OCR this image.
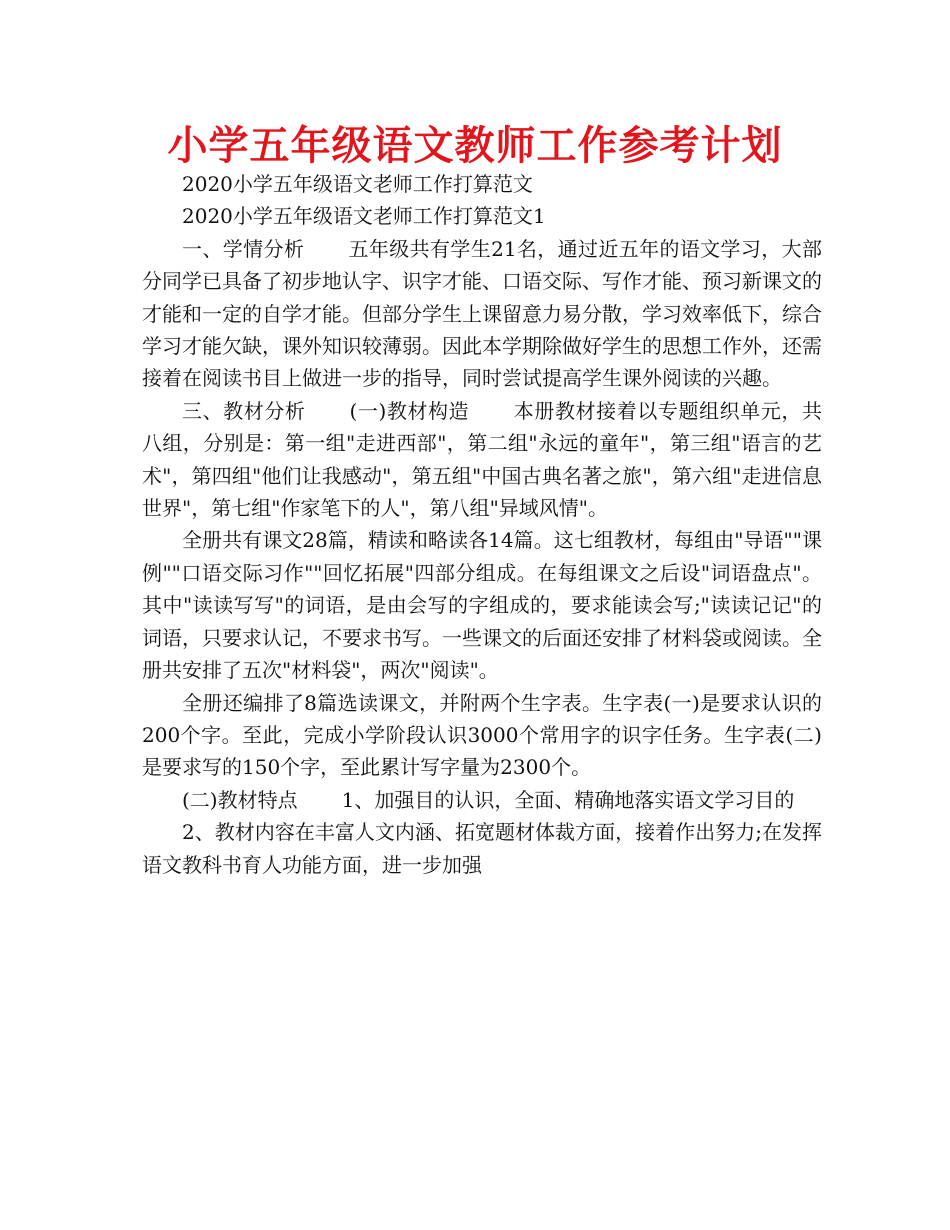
小学五年级语文教师工作参考计划

2020小学五年级语文老师工作打算范文

2020小学五年级语文老师工作打算范文1

一、学情分析 五年级共有学生21名，通过近五年的语文学习，大部分同学已具备了初步地认字、识字才能、口语交际、写作才能、预习新课文的才能和一定的自学才能。但部分学生上课留意力易分散，学习效率低下，综合学习才能欠缺，课外知识较薄弱。因此本学期除做好学生的思想工作外，还需接着在阅读书目上做进一步的指导，同时尝试提高学生课外阅读的兴趣。

三、教材分析 (一)教材构造 本册教材接着以专题组织单元，共八组，分别是：第一组"走进西部"，第二组"永远的童年"，第三组"语言的艺术"，第四组"他们让我感动"，第五组"中国古典名著之旅"，第六组"走进信息世界"，第七组"作家笔下的人"，第八组"异域风情"。

全册共有课文28篇，精读和略读各14篇。这七组教材，每组由"导语""课例""口语交际习作""回忆拓展"四部分组成。在每组课文之后设"词语盘点"。其中"读读写写"的词语，是由会写的字组成的，要求能读会写;"读读记记"的词语，只要求认记，不要求书写。一些课文的后面还安排了材料袋或阅读。全册共安排了五次"材料袋"，两次"阅读"。

全册还编排了8篇选读课文，并附两个生字表。生字表(一)是要求认识的200个字。至此，完成小学阶段认识3000个常用字的识字任务。生字表(二)是要求写的150个字，至此累计写字量为2300个。

(二)教材特点 1、加强目的认识，全面、精确地落实语文学习目的

2、教材内容在丰富人文内涵、拓宽题材体裁方面，接着作出努力;在发挥语文教科书育人功能方面，进一步加强
